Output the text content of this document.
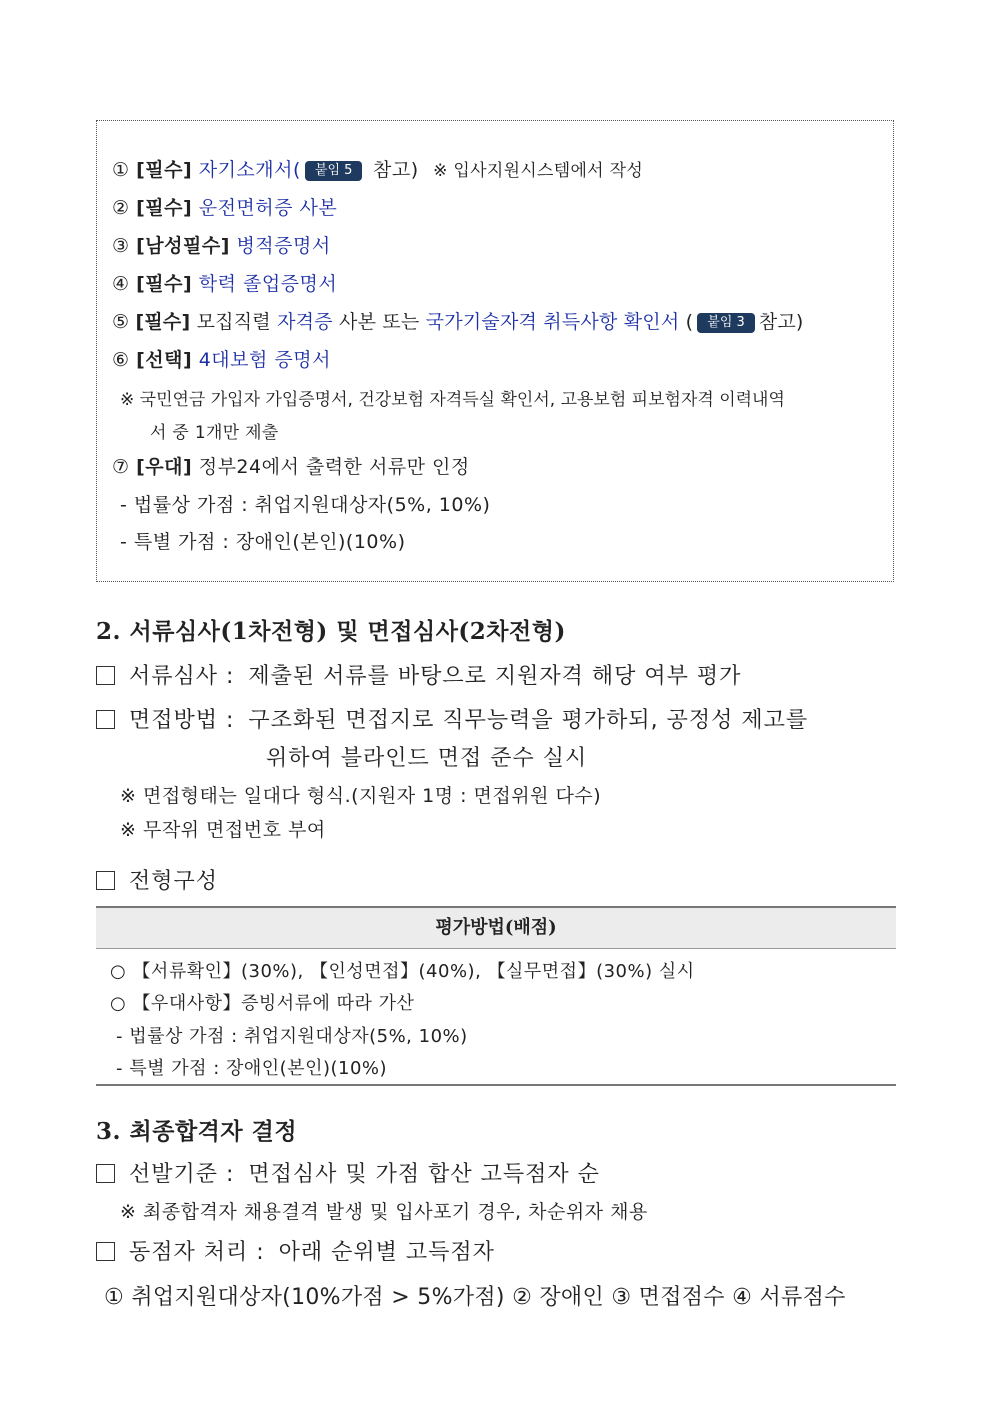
① [필수] 자기소개서( 붙임 5 참고) ※ 입사지원시스템에서 작성
② [필수] 운전면허증 사본
③ [남성필수] 병적증명서
④ [필수] 학력 졸업증명서
⑤ [필수] 모집직렬 자격증 사본 또는 국가기술자격 취득사항 확인서 ( 붙임 3 참고)
⑥ [선택] 4대보험 증명서
※ 국민연금 가입자 가입증명서, 건강보험 자격득실 확인서, 고용보험 피보험자격 이력내역
서 중 1개만 제출
⑦ [우대] 정부24에서 출력한 서류만 인정
- 법률상 가점 : 취업지원대상자(5%, 10%)
- 특별 가점 : 장애인(본인)(10%)
2. 서류심사(1차전형) 및 면접심사(2차전형)
서류심사 : 제출된 서류를 바탕으로 지원자격 해당 여부 평가
면접방법 : 구조화된 면접지로 직무능력을 평가하되, 공정성 제고를
위하여 블라인드 면접 준수 실시
※ 면접형태는 일대다 형식.(지원자 1명 : 면접위원 다수)
※ 무작위 면접번호 부여
전형구성
평가방법(배점)
○ 【서류확인】(30%), 【인성면접】(40%), 【실무면접】(30%) 실시
○ 【우대사항】증빙서류에 따라 가산
- 법률상 가점 : 취업지원대상자(5%, 10%)
- 특별 가점 : 장애인(본인)(10%)
3. 최종합격자 결정
선발기준 : 면접심사 및 가점 합산 고득점자 순
※ 최종합격자 채용결격 발생 및 입사포기 경우, 차순위자 채용
동점자 처리 : 아래 순위별 고득점자
① 취업지원대상자(10%가점 > 5%가점) ② 장애인 ③ 면접점수 ④ 서류점수
